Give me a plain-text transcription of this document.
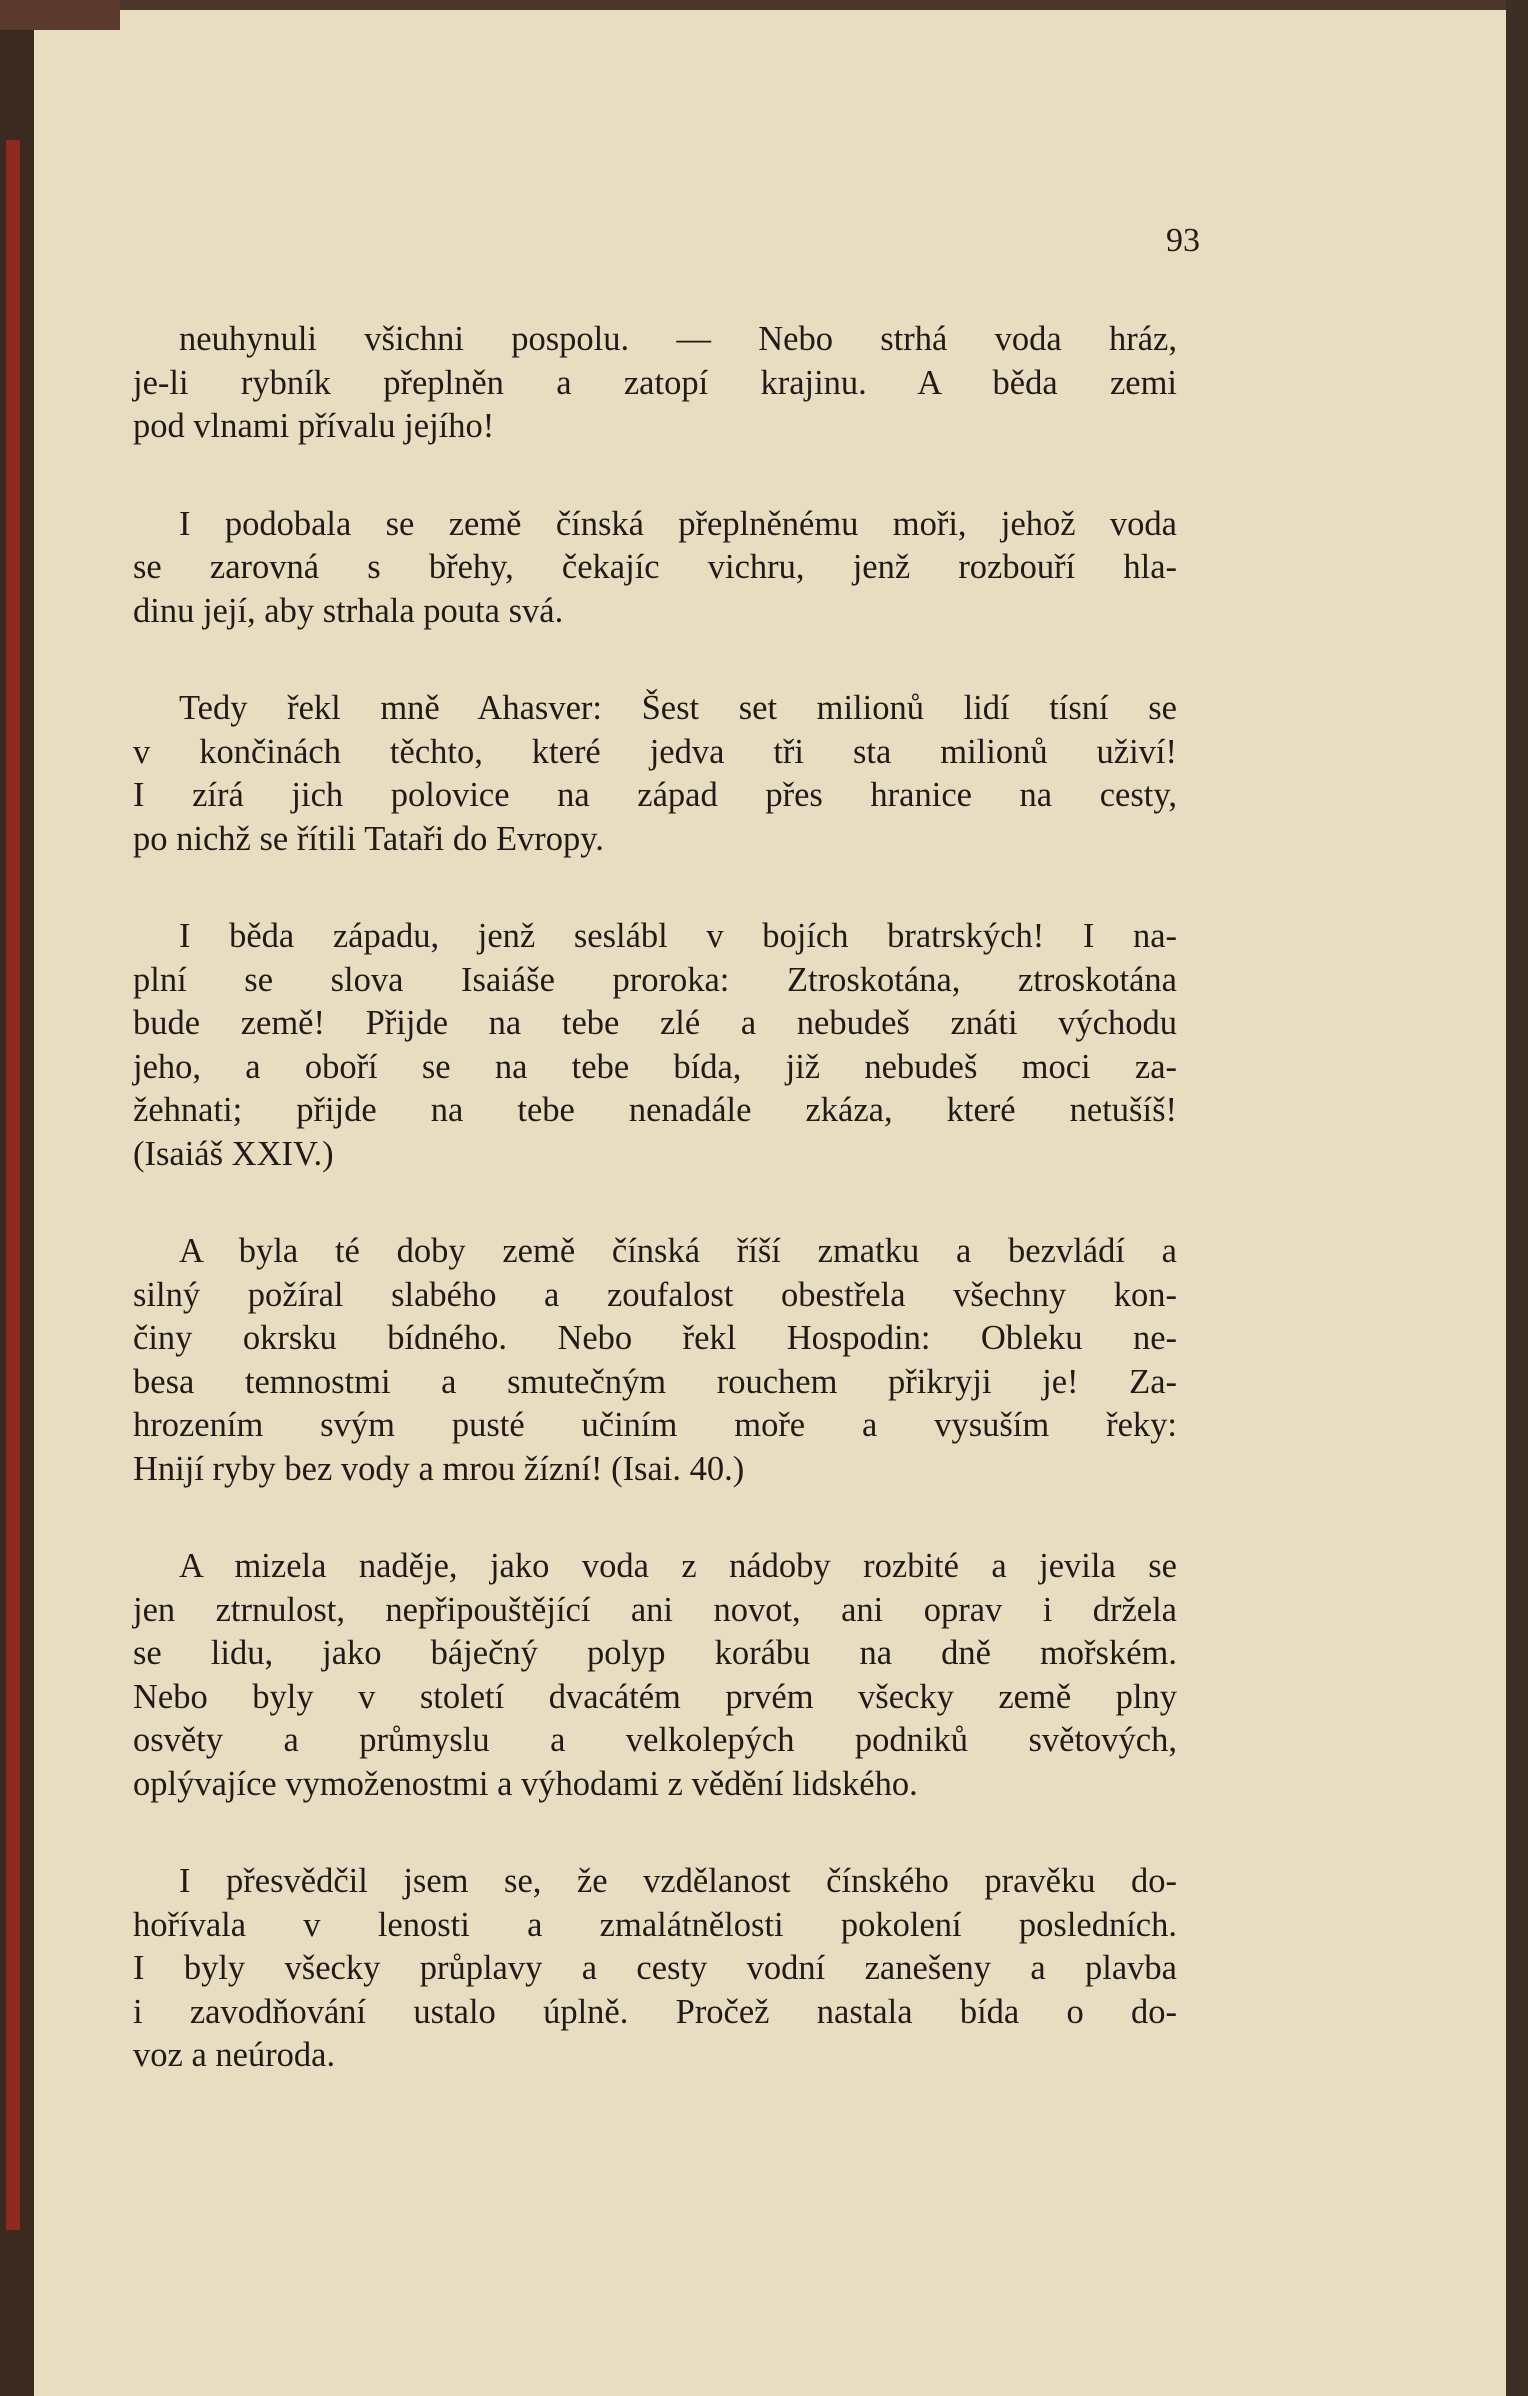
93

neuhynuli všichni pospolu. — Nebo strhá voda hráz,
je-li rybník přeplněn a zatopí krajinu. A běda zemi
pod vlnami přívalu jejího!

I podobala se země čínská přeplněnému moři, jehož voda
se zarovná s břehy, čekajíc vichru, jenž rozbouří hla-
dinu její, aby strhala pouta svá.

Tedy řekl mně Ahasver: Šest set milionů lidí tísní se
v končinách těchto, které jedva tři sta milionů uživí!
I zírá jich polovice na západ přes hranice na cesty,
po nichž se řítili Tataři do Evropy.

I běda západu, jenž seslábl v bojích bratrských! I na-
plní se slova Isaiáše proroka: Ztroskotána, ztroskotána
bude země! Přijde na tebe zlé a nebudeš znáti východu
jeho, a oboří se na tebe bída, již nebudeš moci za-
žehnati; přijde na tebe nenadále zkáza, které netušíš!
(Isaiáš XXIV.)

A byla té doby země čínská říší zmatku a bezvládí a
silný požíral slabého a zoufalost obestřela všechny kon-
činy okrsku bídného. Nebo řekl Hospodin: Obleku ne-
besa temnostmi a smutečným rouchem přikryji je! Za-
hrozením svým pusté učiním moře a vysuším řeky:
Hnijí ryby bez vody a mrou žízní! (Isai. 40.)

A mizela naděje, jako voda z nádoby rozbité a jevila se
jen ztrnulost, nepřipouštějící ani novot, ani oprav i držela
se lidu, jako báječný polyp korábu na dně mořském.
Nebo byly v století dvacátém prvém všecky země plny
osvěty a průmyslu a velkolepých podniků světových,
oplývajíce vymoženostmi a výhodami z vědění lidského.

I přesvědčil jsem se, že vzdělanost čínského pravěku do-
hořívala v lenosti a zmalátnělosti pokolení posledních.
I byly všecky průplavy a cesty vodní zanešeny a plavba
i zavodňování ustalo úplně. Pročež nastala bída o do-
voz a neúroda.
